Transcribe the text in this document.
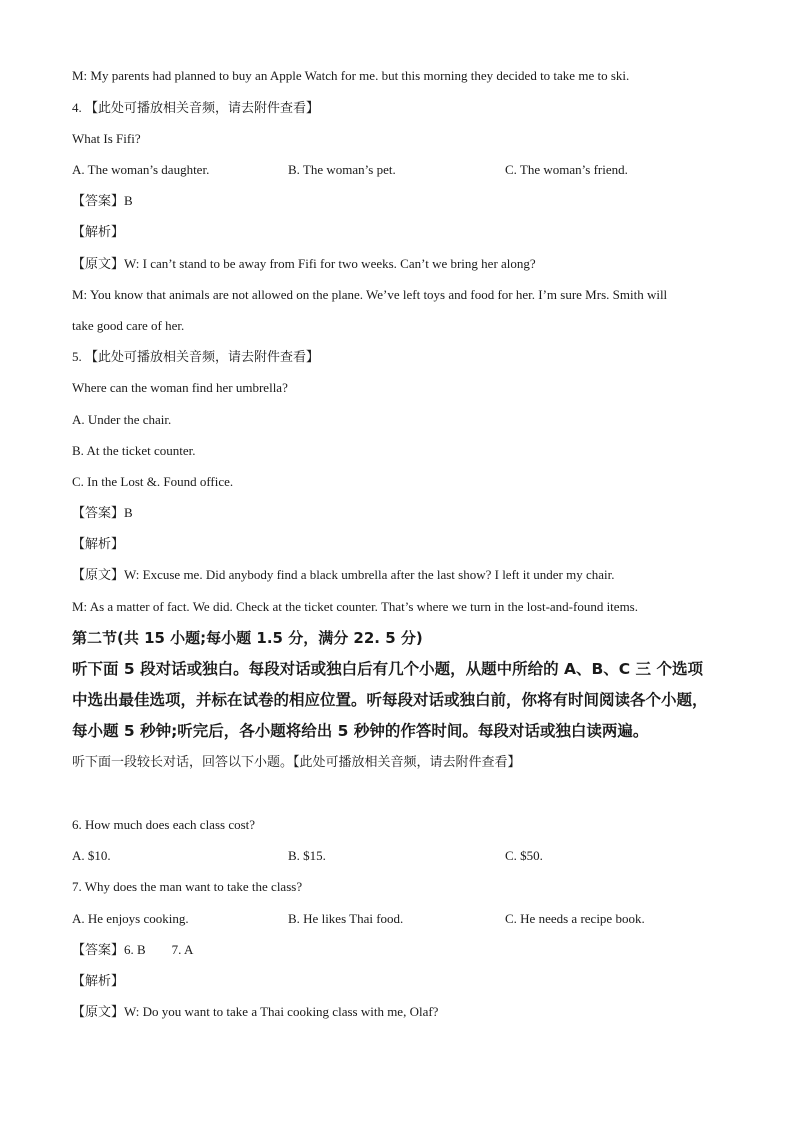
M: My parents had planned to buy an Apple Watch for me. but this morning they decided to take me to ski.
4. 【此处可播放相关音频，请去附件查看】
What Is Fifi?
A. The woman’s daughter.	B. The woman’s pet.	C. The woman’s friend.
【答案】B
【解析】
【原文】W: I can’t stand to be away from Fifi for two weeks. Can’t we bring her along?
M: You know that animals are not allowed on the plane. We’ve left toys and food for her. I’m sure Mrs. Smith will
take good care of her.
5. 【此处可播放相关音频，请去附件查看】
Where can the woman find her umbrella?
A. Under the chair.
B. At the ticket counter.
C. In the Lost &. Found office.
【答案】B
【解析】
【原文】W: Excuse me. Did anybody find a black umbrella after the last show? I left it under my chair.
M: As a matter of fact. We did. Check at the ticket counter. That’s where we turn in the lost-and-found items.
第二节(共 15 小题;每小题 1.5 分，满分 22. 5 分)
听下面 5 段对话或独白。每段对话或独白后有几个小题，从题中所给的 A、B、C 三 个选项
中选出最佳选项，并标在试卷的相应位置。听每段对话或独白前，你将有时间阅读各个小题，
每小题 5 秒钟;听完后，各小题将给出 5 秒钟的作答时间。每段对话或独白读两遍。
听下面一段较长对话，回答以下小题。【此处可播放相关音频，请去附件查看】
6. How much does each class cost?
A. $10.	B. $15.	C. $50.
7. Why does the man want to take the class?
A. He enjoys cooking.	B. He likes Thai food.	C. He needs a recipe book.
【答案】6. B        7. A
【解析】
【原文】W: Do you want to take a Thai cooking class with me, Olaf?
